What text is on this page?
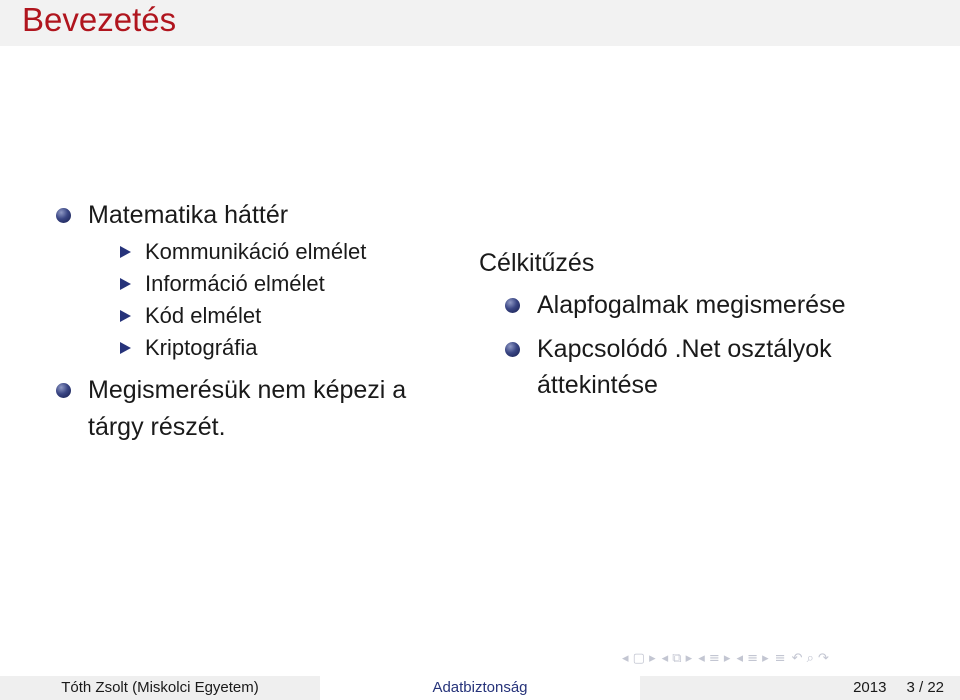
Bevezetés
Matematika háttér
Kommunikáció elmélet
Információ elmélet
Kód elmélet
Kriptográfia
Megismerésük nem képezi a
tárgy részét.
Célkitűzés
Alapfogalmak megismerése
Kapcsolódó .Net osztályok
áttekintése
◂ ▢ ▸ ◂ ⧉ ▸ ◂ ≡ ▸ ◂ ≡ ▸ ≡ ↶ ⌕ ↷
Tóth Zsolt (Miskolci Egyetem)	Adatbiztonság	2013 3 / 22
